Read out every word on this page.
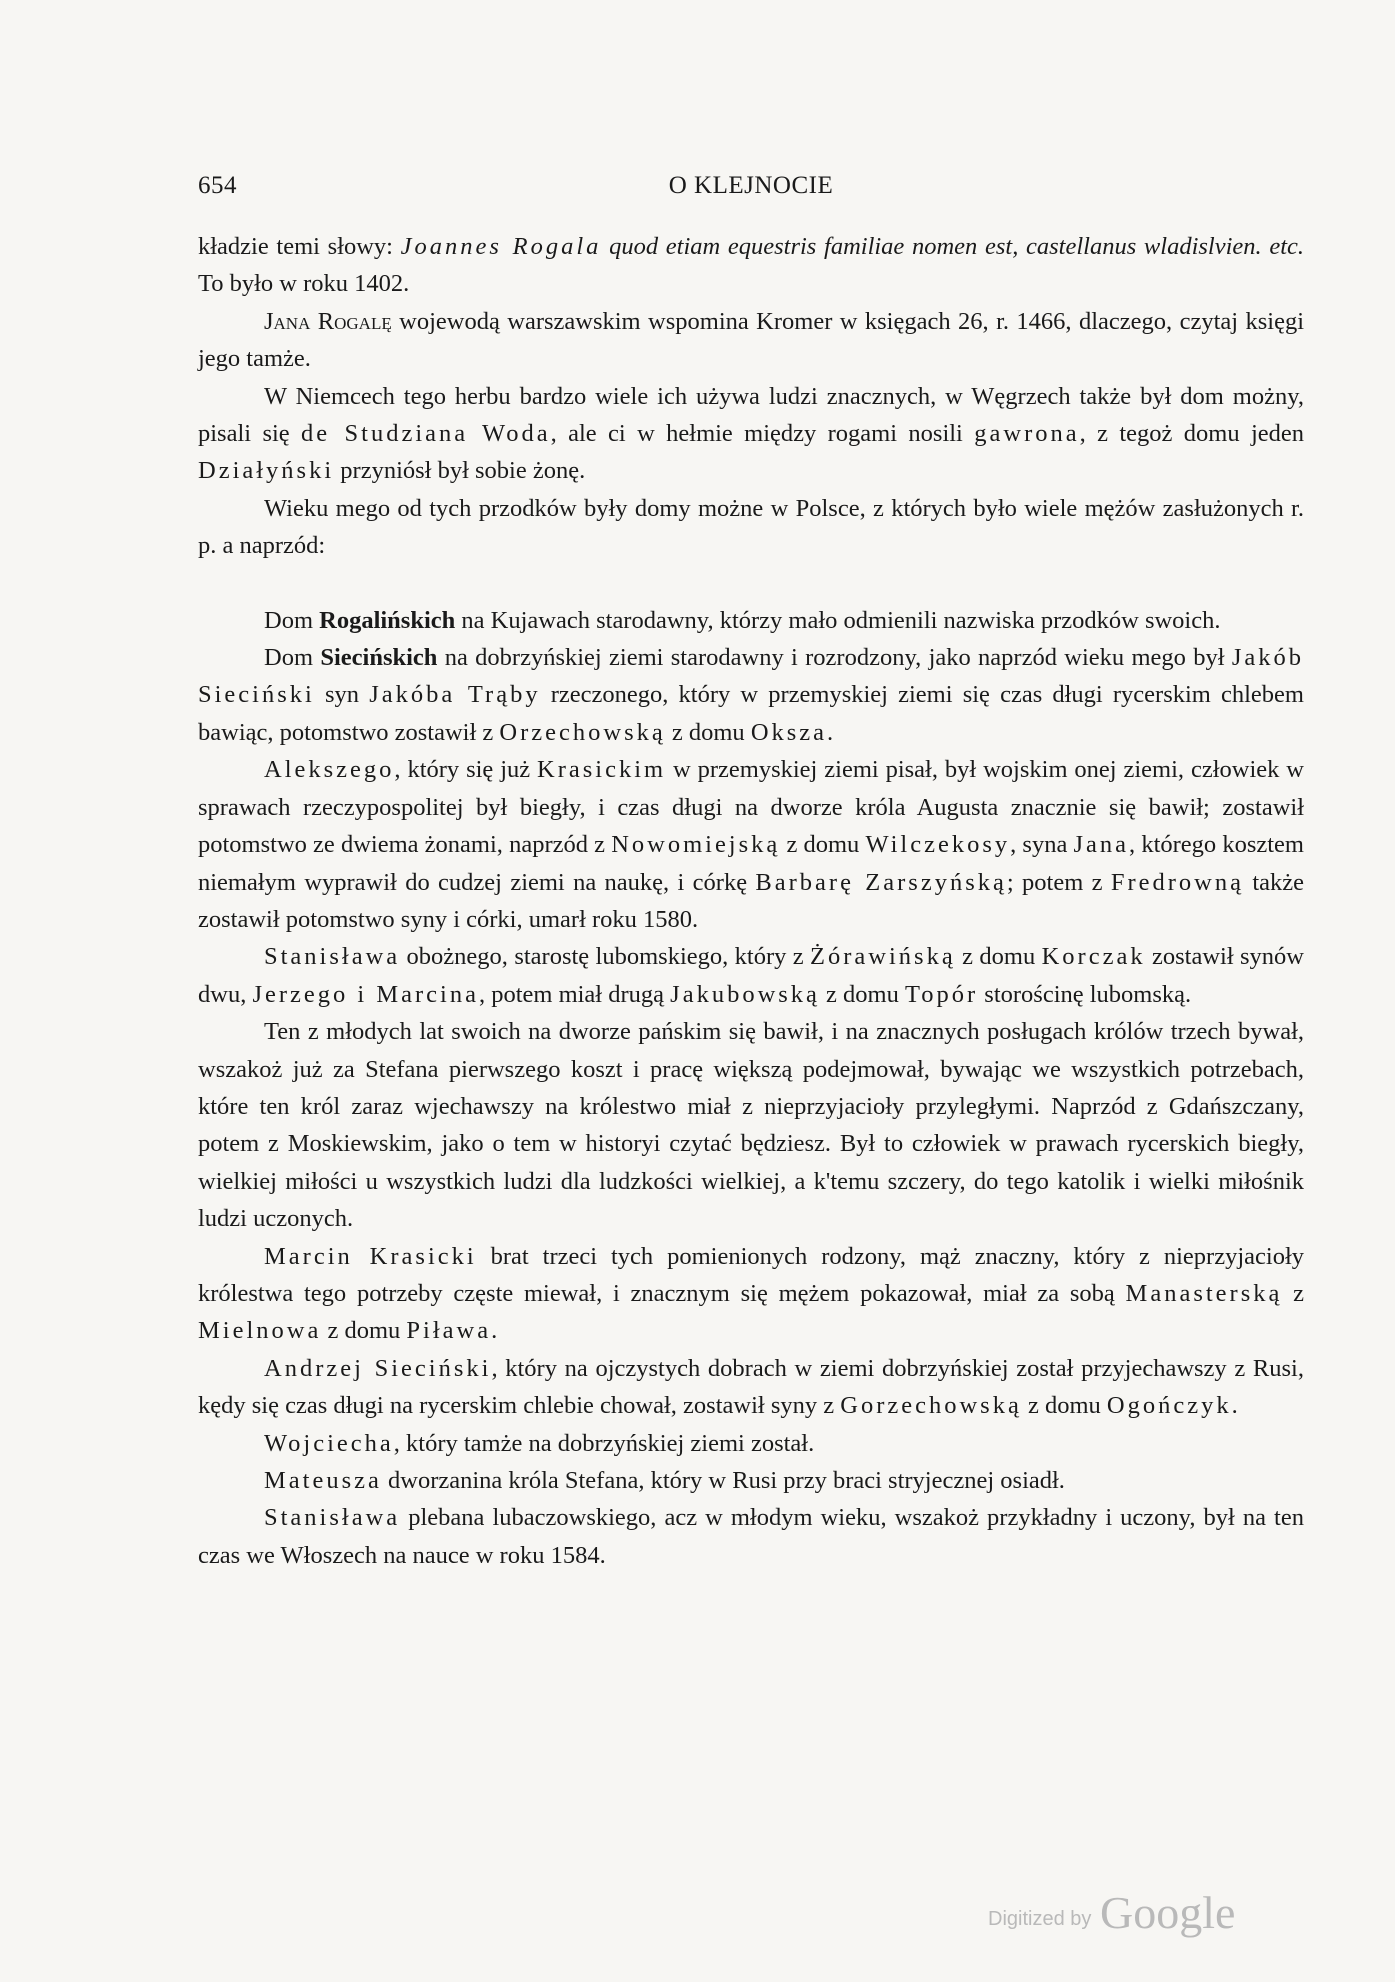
654	O KLEJNOCIE

kładzie temi słowy: Joannes Rogala quod etiam equestris familiae nomen est, castellanus wladislvien. etc. To było w roku 1402.

Jana Rogalę wojewodą warszawskim wspomina Kromer w księgach 26, r. 1466, dlaczego, czytaj księgi jego tamże.

W Niemcech tego herbu bardzo wiele ich używa ludzi znacznych, w Węgrzech także był dom możny, pisali się de Studziana Woda, ale ci w hełmie między rogami nosili gawrona, z tegoż domu jeden Działyński przyniósł był sobie żonę.

Wieku mego od tych przodków były domy możne w Polsce, z których było wiele mężów zasłużonych r. p. a naprzód:

Dom Rogalińskich na Kujawach starodawny, którzy mało odmienili nazwiska przodków swoich.

Dom Siecińskich na dobrzyńskiej ziemi starodawny i rozrodzony, jako naprzód wieku mego był Jakób Sieciński syn Jakóba Trąby rzeczonego, który w przemyskiej ziemi się czas długi rycerskim chlebem bawiąc, potomstwo zostawił z Orzechowską z domu Oksza.

Alekszego, który się już Krasickim w przemyskiej ziemi pisał, był wojskim onej ziemi, człowiek w sprawach rzeczypospolitej był biegły, i czas długi na dworze króla Augusta znacznie się bawił; zostawił potomstwo ze dwiema żonami, naprzód z Nowomiejską z domu Wilczekosy, syna Jana, którego kosztem niemałym wyprawił do cudzej ziemi na naukę, i córkę Barbarę Zarszyńską; potem z Fredrowną także zostawił potomstwo syny i córki, umarł roku 1580.

Stanisława obożnego, starostę lubomskiego, który z Żórawińską z domu Korczak zostawił synów dwu, Jerzego i Marcina, potem miał drugą Jakubowską z domu Topór storościnę lubomską.

Ten z młodych lat swoich na dworze pańskim się bawił, i na znacznych posługach królów trzech bywał, wszakoż już za Stefana pierwszego koszt i pracę większą podejmował, bywając we wszystkich potrzebach, które ten król zaraz wjechawszy na królestwo miał z nieprzyjacioły przyległymi. Naprzód z Gdańszczany, potem z Moskiewskim, jako o tem w historyi czytać będziesz. Był to człowiek w prawach rycerskich biegły, wielkiej miłości u wszystkich ludzi dla ludzkości wielkiej, a k'temu szczery, do tego katolik i wielki miłośnik ludzi uczonych.

Marcin Krasicki brat trzeci tych pomienionych rodzony, mąż znaczny, który z nieprzyjacioły królestwa tego potrzeby częste miewał, i znacznym się mężem pokazował, miał za sobą Manasterską z Mielnowa z domu Piława.

Andrzej Sieciński, który na ojczystych dobrach w ziemi dobrzyńskiej został przyjechawszy z Rusi, kędy się czas długi na rycerskim chlebie chował, zostawił syny z Gorzechowską z domu Ogończyk.

Wojciecha, który tamże na dobrzyńskiej ziemi został.

Mateusza dworzanina króla Stefana, który w Rusi przy braci stryjecznej osiadł.

Stanisława plebana lubaczowskiego, acz w młodym wieku, wszakoż przykładny i uczony, był na ten czas we Włoszech na nauce w roku 1584.

Digitized by Google
